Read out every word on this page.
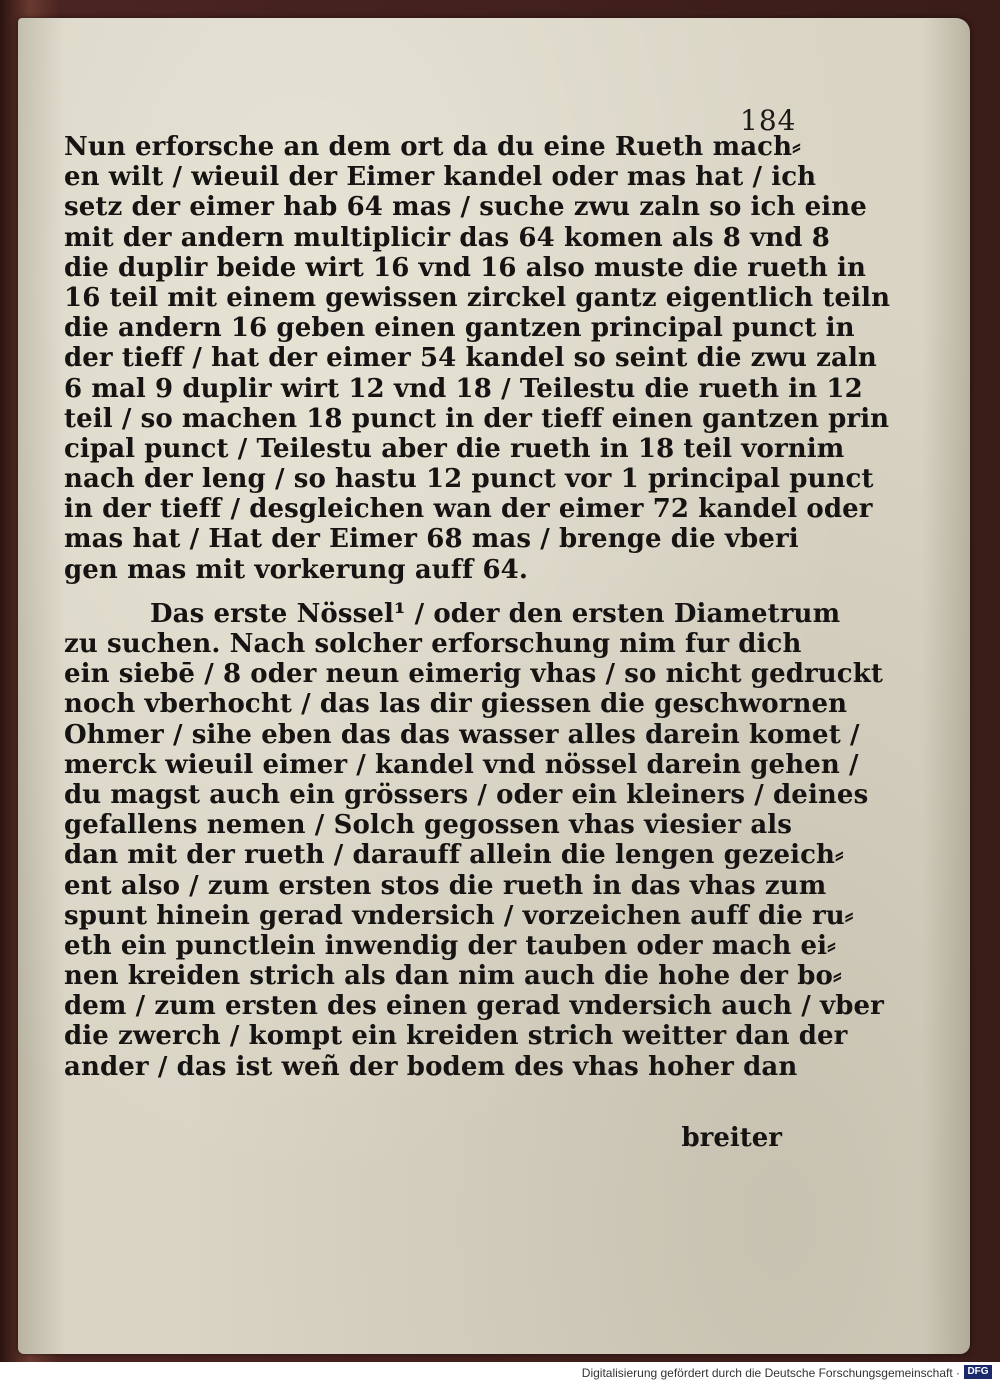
184
Nun erforsche an dem ort da du eine Rueth mach⸗
en wilt / wieuil der Eimer kandel oder mas hat / ich
setz der eimer hab 64 mas / suche zwu zaln so ich eine
mit der andern multiplicir das 64 komen als 8 vnd 8
die duplir beide wirt 16 vnd 16 also muste die rueth in
16 teil mit einem gewissen zirckel gantz eigentlich teiln
die andern 16 geben einen gantzen principal punct in
der tieff / hat der eimer 54 kandel so seint die zwu zaln
6 mal 9 duplir wirt 12 vnd 18 / Teilestu die rueth in 12
teil / so machen 18 punct in der tieff einen gantzen prin
cipal punct / Teilestu aber die rueth in 18 teil vornim
nach der leng / so hastu 12 punct vor 1 principal punct
in der tieff / desgleichen wan der eimer 72 kandel oder
mas hat / Hat der Eimer 68 mas / brenge die vberi
gen mas mit vorkerung auff 64.
Das erste Nössel¹ / oder den ersten Diametrum
zu suchen. Nach solcher erforschung nim fur dich
ein siebē / 8 oder neun eimerig vhas / so nicht gedruckt
noch vberhocht / das las dir giessen die geschwornen
Ohmer / sihe eben das das wasser alles darein komet /
merck wieuil eimer / kandel vnd nössel darein gehen /
du magst auch ein grössers / oder ein kleiners / deines
gefallens nemen / Solch gegossen vhas viesier als
dan mit der rueth / darauff allein die lengen gezeich⸗
ent also / zum ersten stos die rueth in das vhas zum
spunt hinein gerad vndersich / vorzeichen auff die ru⸗
eth ein punctlein inwendig der tauben oder mach ei⸗
nen kreiden strich als dan nim auch die hohe der bo⸗
dem / zum ersten des einen gerad vndersich auch / vber
die zwerch / kompt ein kreiden strich weitter dan der
ander / das ist weñ der bodem des vhas hoher dan
breiter
Digitalisierung gefördert durch die Deutsche Forschungsgemeinschaft · DFG
